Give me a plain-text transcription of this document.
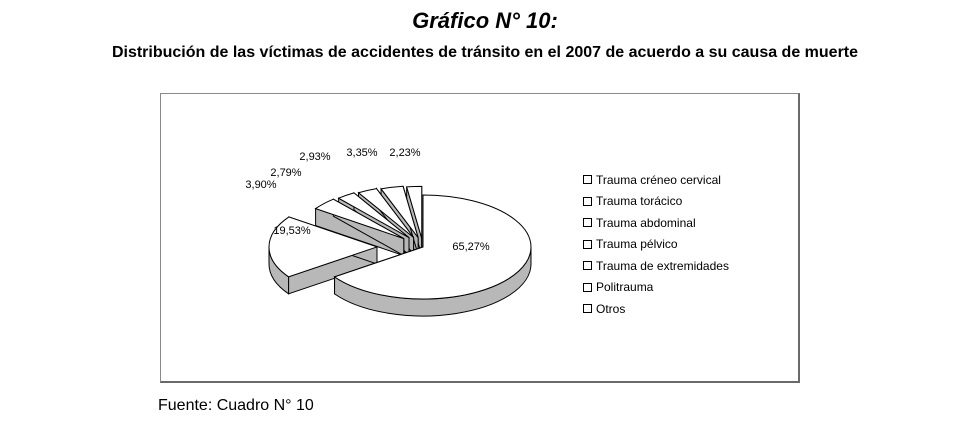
Gráfico N° 10:
Distribución de las víctimas de accidentes de tránsito en el 2007 de acuerdo a su causa de muerte
65,27%
19,53%
3,90%
2,79%
2,93% 3,35% 2,23%
Trauma créneo cervical
Trauma torácico
Trauma abdominal
Trauma pélvico
Trauma de extremidades
Politrauma
Otros
Fuente: Cuadro N° 10
